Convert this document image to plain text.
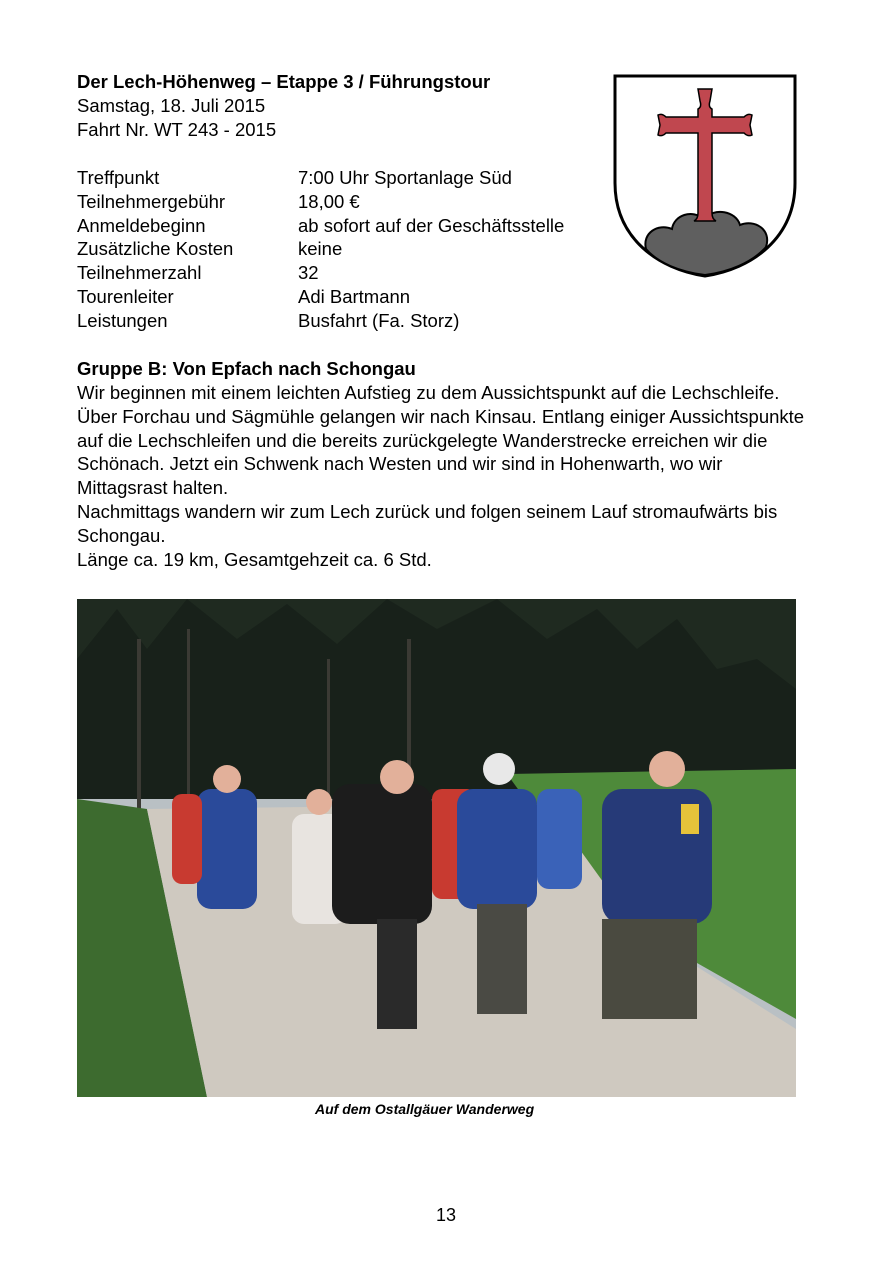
Der Lech-Höhenweg – Etappe 3 / Führungstour
Samstag, 18. Juli 2015
Fahrt Nr. WT 243 - 2015
Treffpunkt	7:00 Uhr Sportanlage Süd
Teilnehmergebühr	18,00 €
Anmeldebeginn	ab sofort auf der Geschäftsstelle
Zusätzliche Kosten	keine
Teilnehmerzahl	32
Tourenleiter	Adi Bartmann
Leistungen	Busfahrt (Fa. Storz)
Gruppe B: Von Epfach nach Schongau

Wir beginnen mit einem leichten Aufstieg zu dem Aussichtspunkt auf die Lechschleife. Über Forchau und Sägmühle gelangen wir nach Kinsau. Entlang einiger Aussichtspunkte auf die Lechschleifen und die bereits zurückgelegte Wanderstrecke erreichen wir die Schönach. Jetzt ein Schwenk nach Westen und wir sind in Hohenwarth, wo wir Mittagsrast halten.

Nachmittags wandern wir zum Lech zurück und folgen seinem Lauf stromaufwärts bis Schongau.

Länge ca. 19 km, Gesamtgehzeit ca. 6 Std.

Auf dem Ostallgäuer Wanderweg
13
